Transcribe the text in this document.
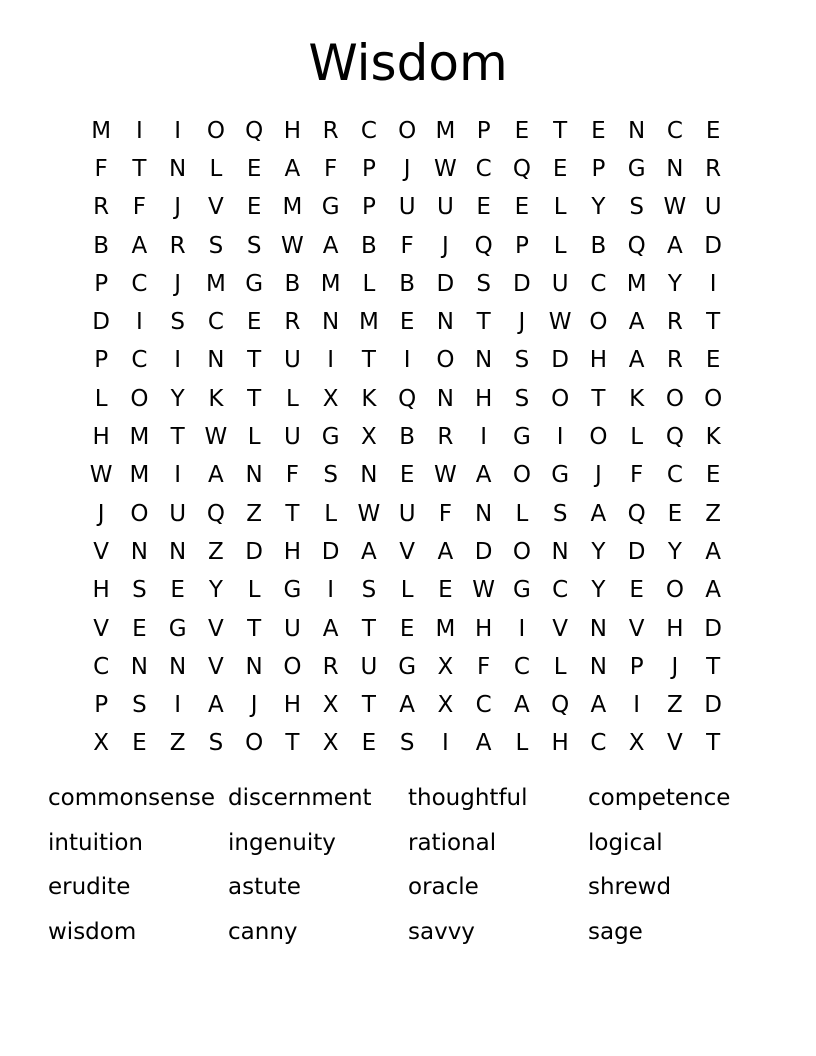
Wisdom
M	I	I	O Q H R C O M P	E	T	E N C E
F	T N	L	E	A	F	P	J	W C Q E	P G N R
R	F	J	V	E M G P U U E	E	L	Y	S W U
B A R S	S W A B	F	J	Q P	L	B Q A D
P	C	J	M G B M L	B D S D U C M Y	I
D	I	S C E R N M E N T	J	W O A R	T
P	C	I	N T U	I	T	I	O N S D H A R E
L O Y	K	T	L	X K Q N H S O T	K O O
H M T W L	U G X B R	I	G	I	O L Q K
W M	I	A N	F	S N E W A O G	J	F	C E
J	O U Q Z	T	L W U	F	N	L	S	A Q E	Z
V N N Z D H D A V A D O N Y D Y	A
H S	E	Y	L G	I	S	L	E W G C	Y	E O A
V	E G V	T U A	T	E M H	I	V N V H D
C N N V N O R U G X	F	C	L	N P	J	T
P	S	I	A	J	H X	T	A X C A Q A	I	Z D
X	E	Z	S O T	X	E	S	I	A	L	H C X V	T
commonsense discernment	thoughtful	competence
intuition	ingenuity	rational	logical
erudite	astute	oracle	shrewd
wisdom	canny	savvy	sage
